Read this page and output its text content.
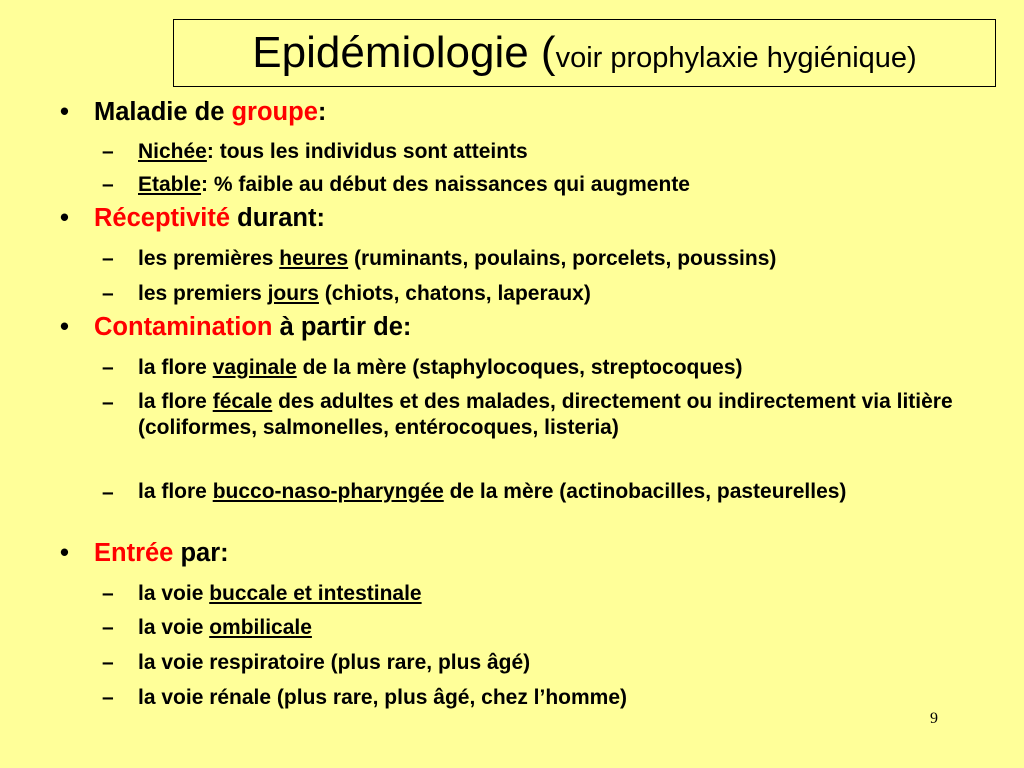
Epidémiologie (voir prophylaxie hygiénique)
• Maladie de groupe:
– Nichée: tous les individus sont atteints
– Etable: % faible au début des naissances qui augmente
• Réceptivité durant:
– les premières heures (ruminants, poulains, porcelets, poussins)
– les premiers jours (chiots, chatons, laperaux)
• Contamination à partir de:
– la flore vaginale de la mère (staphylocoques, streptocoques)
– la flore fécale des adultes et des malades, directement ou indirectement via litière (coliformes, salmonelles, entérocoques, listeria)
– la flore bucco-naso-pharyngée de la mère (actinobacilles, pasteurelles)
• Entrée par:
– la voie buccale et intestinale
– la voie ombilicale
– la voie respiratoire (plus rare, plus âgé)
– la voie rénale (plus rare, plus âgé, chez l’homme)
9
